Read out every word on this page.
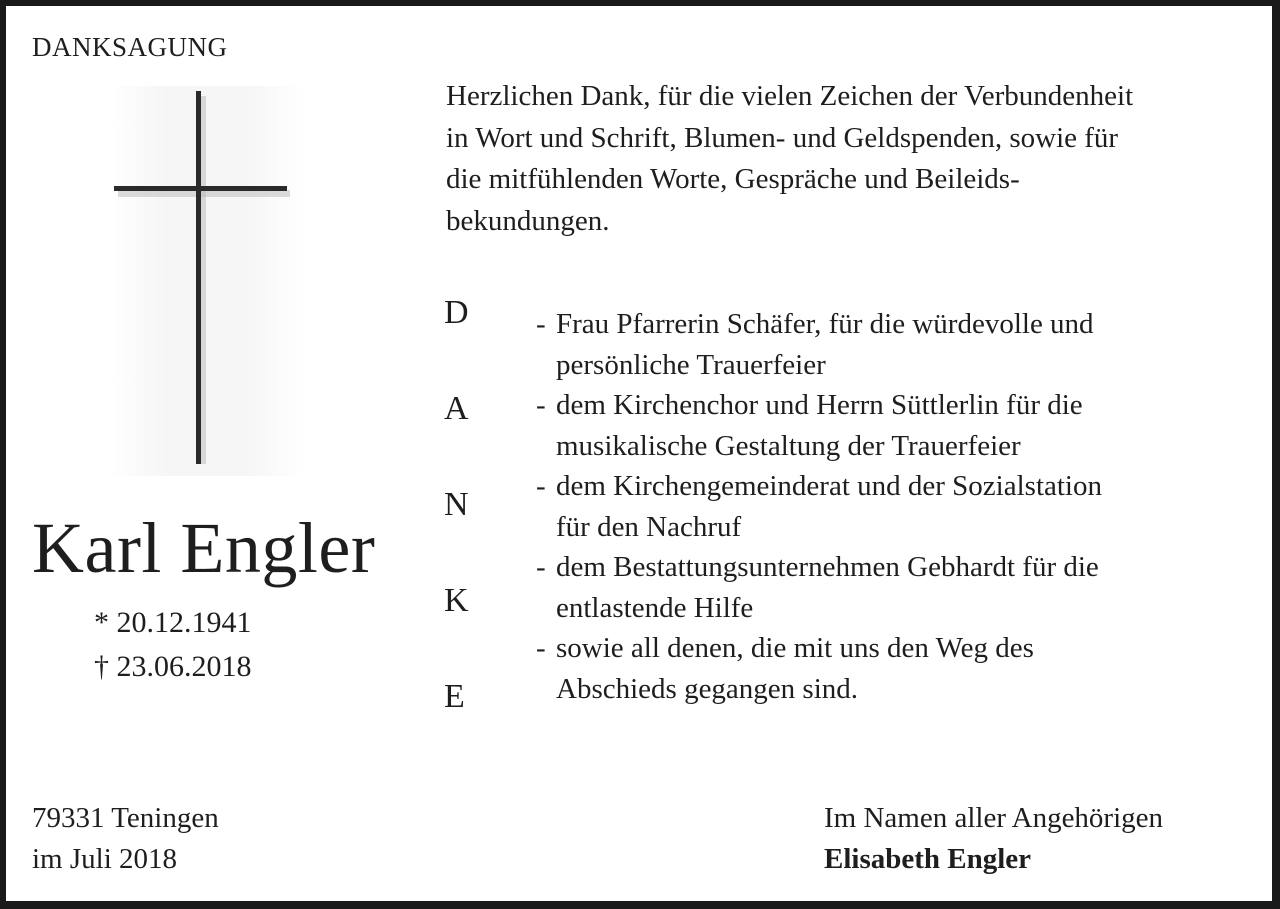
DANKSAGUNG
Karl Engler
* 20.12.1941
† 23.06.2018

Herzlichen Dank, für die vielen Zeichen der Verbundenheit
in Wort und Schrift, Blumen- und Geldspenden, sowie für
die mitfühlenden Worte, Gespräche und Beileids-
bekundungen.

D
A
N
K
E
- Frau Pfarrerin Schäfer, für die würdevolle und
persönliche Trauerfeier
- dem Kirchenchor und Herrn Süttlerlin für die
musikalische Gestaltung der Trauerfeier
- dem Kirchengemeinderat und der Sozialstation
für den Nachruf
- dem Bestattungsunternehmen Gebhardt für die
entlastende Hilfe
- sowie all denen, die mit uns den Weg des
Abschieds gegangen sind.
79331 Teningen
im Juli 2018
Im Namen aller Angehörigen
Elisabeth Engler
